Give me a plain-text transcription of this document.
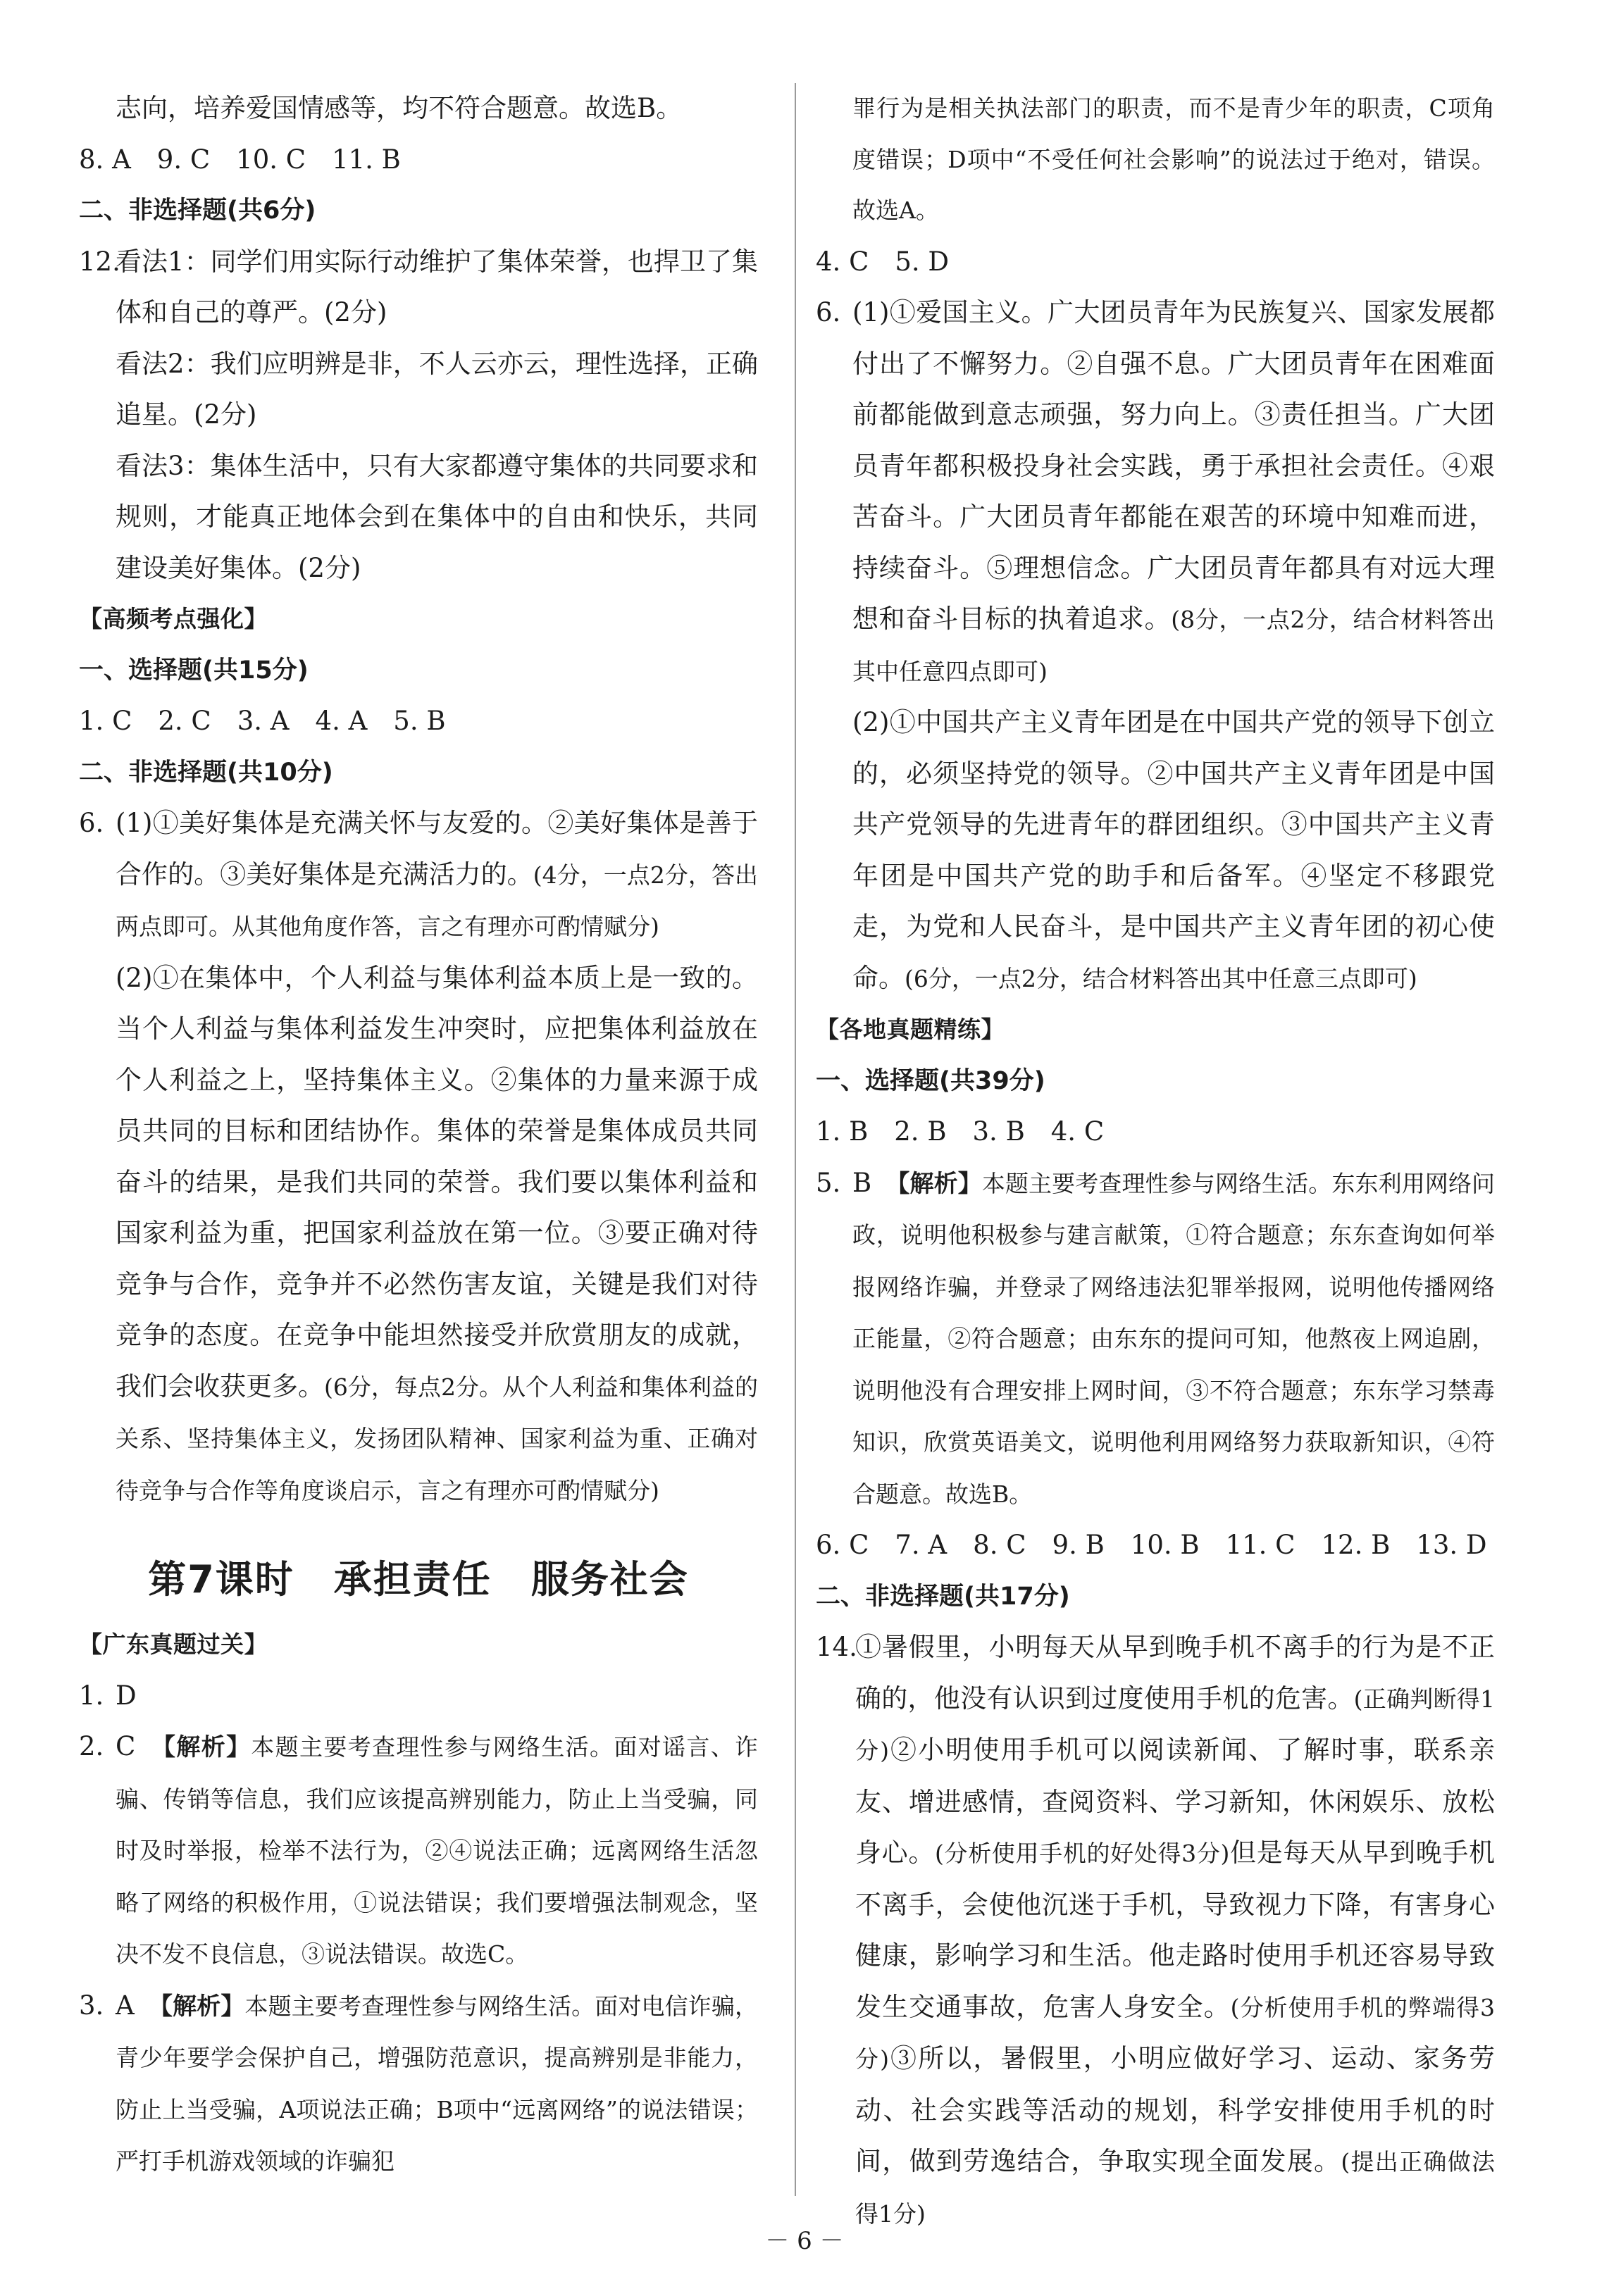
志向，培养爱国情感等，均不符合题意。故选B。

8. A　9. C　10. C　11. B

二、非选择题(共6分)

12.
看法1：同学们用实际行动维护了集体荣誉，也捍卫了集体和自己的尊严。(2分)
看法2：我们应明辨是非，不人云亦云，理性选择，正确追星。(2分)
看法3：集体生活中，只有大家都遵守集体的共同要求和规则，才能真正地体会到在集体中的自由和快乐，共同建设美好集体。(2分)

【高频考点强化】

一、选择题(共15分)

1. C　2. C　3. A　4. A　5. B

二、非选择题(共10分)

6. (1)①美好集体是充满关怀与友爱的。②美好集体是善于合作的。③美好集体是充满活力的。(4分，一点2分，答出两点即可。从其他角度作答，言之有理亦可酌情赋分)
(2)①在集体中，个人利益与集体利益本质上是一致的。当个人利益与集体利益发生冲突时，应把集体利益放在个人利益之上，坚持集体主义。②集体的力量来源于成员共同的目标和团结协作。集体的荣誉是集体成员共同奋斗的结果，是我们共同的荣誉。我们要以集体利益和国家利益为重，把国家利益放在第一位。③要正确对待竞争与合作，竞争并不必然伤害友谊，关键是我们对待竞争的态度。在竞争中能坦然接受并欣赏朋友的成就，我们会收获更多。(6分，每点2分。从个人利益和集体利益的关系、坚持集体主义，发扬团队精神、国家利益为重、正确对待竞争与合作等角度谈启示，言之有理亦可酌情赋分)
第7课时　承担责任　服务社会

【广东真题过关】

1. D
2. C　 【解析】本题主要考查理性参与网络生活。面对谣言、诈骗、传销等信息，我们应该提高辨别能力，防止上当受骗，同时及时举报，检举不法行为，②④说法正确；远离网络生活忽略了网络的积极作用，①说法错误；我们要增强法制观念，坚决不发不良信息，③说法错误。故选C。
3. A　 【解析】本题主要考查理性参与网络生活。面对电信诈骗，青少年要学会保护自己，增强防范意识，提高辨别是非能力，防止上当受骗，A项说法正确；B项中“远离网络”的说法错误；严打手机游戏领域的诈骗犯

罪行为是相关执法部门的职责，而不是青少年的职责，C项角度错误；D项中“不受任何社会影响”的说法过于绝对，错误。故选A。

4. C　5. D

6. (1)①爱国主义。广大团员青年为民族复兴、国家发展都付出了不懈努力。②自强不息。广大团员青年在困难面前都能做到意志顽强，努力向上。③责任担当。广大团员青年都积极投身社会实践，勇于承担社会责任。④艰苦奋斗。广大团员青年都能在艰苦的环境中知难而进，持续奋斗。⑤理想信念。广大团员青年都具有对远大理想和奋斗目标的执着追求。(8分，一点2分，结合材料答出其中任意四点即可)
(2)①中国共产主义青年团是在中国共产党的领导下创立的，必须坚持党的领导。②中国共产主义青年团是中国共产党领导的先进青年的群团组织。③中国共产主义青年团是中国共产党的助手和后备军。④坚定不移跟党走，为党和人民奋斗，是中国共产主义青年团的初心使命。(6分，一点2分，结合材料答出其中任意三点即可)

【各地真题精练】

一、选择题(共39分)

1. B　2. B　3. B　4. C

5. B　 【解析】本题主要考查理性参与网络生活。东东利用网络问政，说明他积极参与建言献策，①符合题意；东东查询如何举报网络诈骗，并登录了网络违法犯罪举报网，说明他传播网络正能量，②符合题意；由东东的提问可知，他熬夜上网追剧，说明他没有合理安排上网时间，③不符合题意；东东学习禁毒知识，欣赏英语美文，说明他利用网络努力获取新知识，④符合题意。故选B。

6. C　7. A　8. C　9. B　10. B　11. C　12. B　13. D

二、非选择题(共17分)

14.
①暑假里，小明每天从早到晚手机不离手的行为是不正确的，他没有认识到过度使用手机的危害。(正确判断得1分)②小明使用手机可以阅读新闻、了解时事，联系亲友、增进感情，查阅资料、学习新知，休闲娱乐、放松身心。(分析使用手机的好处得3分)但是每天从早到晚手机不离手，会使他沉迷于手机，导致视力下降，有害身心健康，影响学习和生活。他走路时使用手机还容易导致发生交通事故，危害人身安全。(分析使用手机的弊端得3分)③所以，暑假里，小明应做好学习、运动、家务劳动、社会实践等活动的规划，科学安排使用手机的时间，做到劳逸结合，争取实现全面发展。(提出正确做法得1分)
－ 6 －
